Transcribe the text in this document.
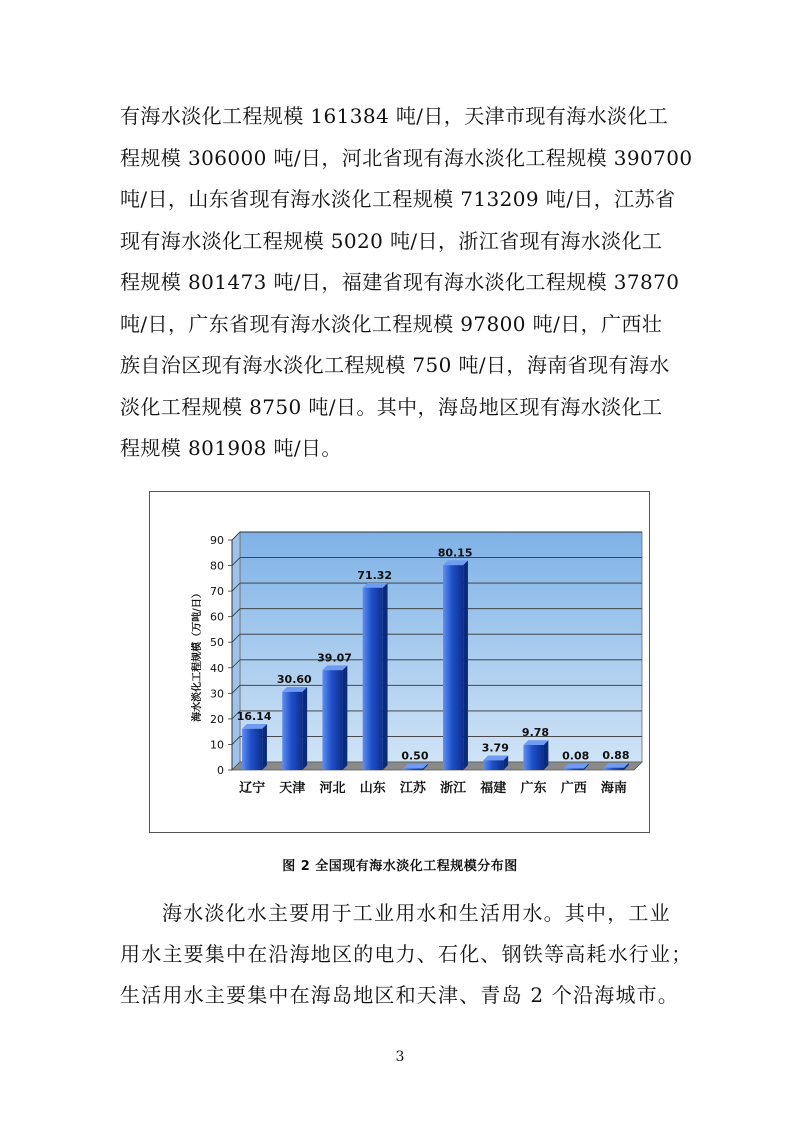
有海水淡化工程规模 161384 吨/日，天津市现有海水淡化工
程规模 306000 吨/日，河北省现有海水淡化工程规模 390700
吨/日，山东省现有海水淡化工程规模 713209 吨/日，江苏省
现有海水淡化工程规模 5020 吨/日，浙江省现有海水淡化工
程规模 801473 吨/日，福建省现有海水淡化工程规模 37870
吨/日，广东省现有海水淡化工程规模 97800 吨/日，广西壮
族自治区现有海水淡化工程规模 750 吨/日，海南省现有海水
淡化工程规模 8750 吨/日。其中，海岛地区现有海水淡化工
程规模 801908 吨/日。
0
10
20
30
40
50
60
70
80
90
海水淡化工程规模（万吨/日）	16.14
辽宁
30.60
天津
39.07
河北
71.32
山东
0.50
江苏
80.15
浙江
3.79
福建
9.78
广东
0.08
广西
0.88
海南
图 2 全国现有海水淡化工程规模分布图
海水淡化水主要用于工业用水和生活用水。其中，工业
用水主要集中在沿海地区的电力、石化、钢铁等高耗水行业；
生活用水主要集中在海岛地区和天津、青岛 2 个沿海城市。
3
